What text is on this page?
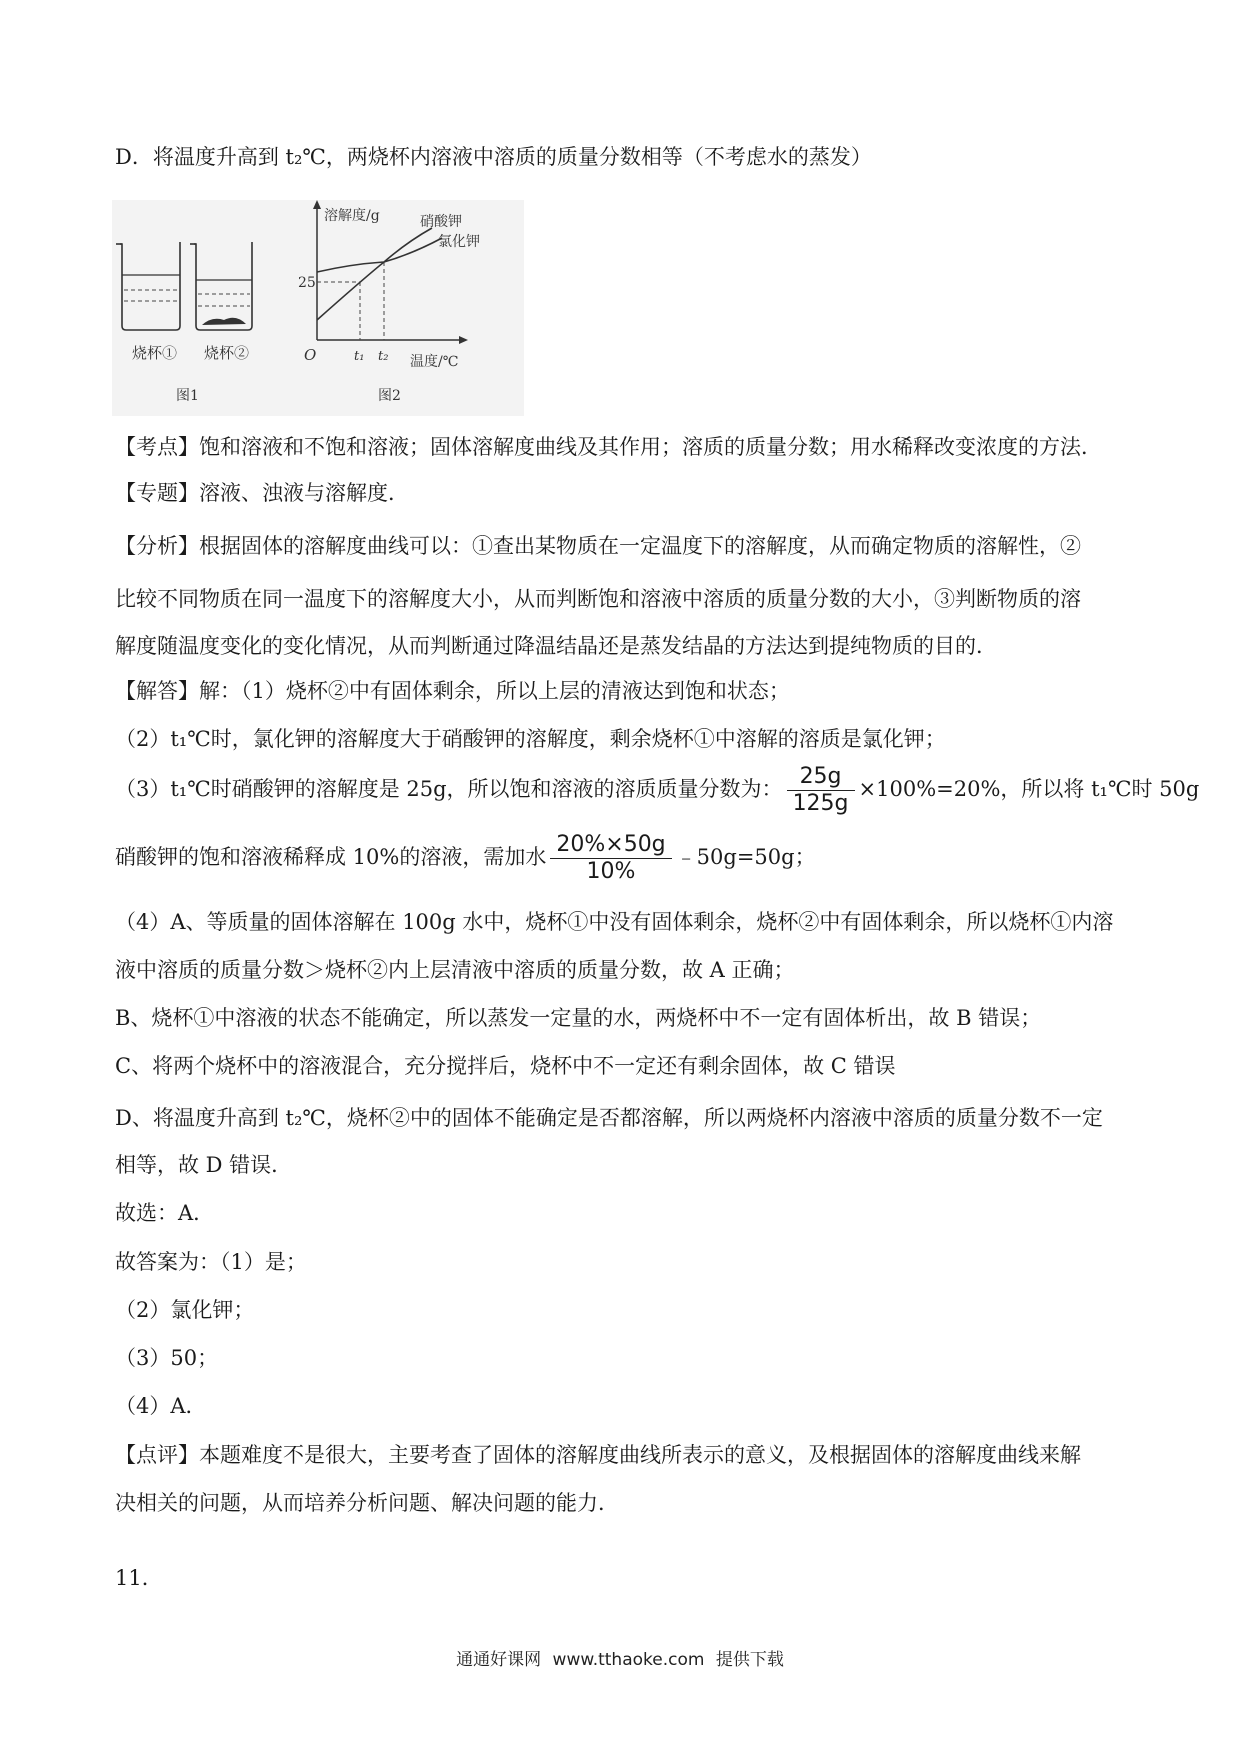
D．将温度升高到 t₂℃，两烧杯内溶液中溶质的质量分数相等（不考虑水的蒸发）
烧杯① 烧杯②
图1
溶解度/g	硝酸钾
氯化钾
25
O	t₁ t₂ 温度/℃
图2
【考点】饱和溶液和不饱和溶液；固体溶解度曲线及其作用；溶质的质量分数；用水稀释改变浓度的方法．
【专题】溶液、浊液与溶解度．
【分析】根据固体的溶解度曲线可以：①查出某物质在一定温度下的溶解度，从而确定物质的溶解性，②
比较不同物质在同一温度下的溶解度大小，从而判断饱和溶液中溶质的质量分数的大小，③判断物质的溶
解度随温度变化的变化情况，从而判断通过降温结晶还是蒸发结晶的方法达到提纯物质的目的．
【解答】解：（1）烧杯②中有固体剩余，所以上层的清液达到饱和状态；
（2）t₁℃时，氯化钾的溶解度大于硝酸钾的溶解度，剩余烧杯①中溶解的溶质是氯化钾；
（3）t₁℃时硝酸钾的溶解度是 25g，所以饱和溶液的溶质质量分数为： $\frac{25g}{125g} \times 100\%=20\%$，所以将 t₁℃时 50g
硝酸钾的饱和溶液稀释成 10%的溶液，需加水 $\frac{20\%\times 50g}{10\%}$ ﹣50g=50g；
（4）A、等质量的固体溶解在 100g 水中，烧杯①中没有固体剩余，烧杯②中有固体剩余，所以烧杯①内溶
液中溶质的质量分数＞烧杯②内上层清液中溶质的质量分数，故 A 正确；
B、烧杯①中溶液的状态不能确定，所以蒸发一定量的水，两烧杯中不一定有固体析出，故 B 错误；
C、将两个烧杯中的溶液混合，充分搅拌后，烧杯中不一定还有剩余固体，故 C 错误
D、将温度升高到 t₂℃，烧杯②中的固体不能确定是否都溶解，所以两烧杯内溶液中溶质的质量分数不一定
相等，故 D 错误．
故选：A．
故答案为：（1）是；
（2）氯化钾；
（3）50；
（4）A．
【点评】本题难度不是很大，主要考查了固体的溶解度曲线所表示的意义，及根据固体的溶解度曲线来解
决相关的问题，从而培养分析问题、解决问题的能力．
11．
通通好课网 www.tthaoke.com 提供下载
